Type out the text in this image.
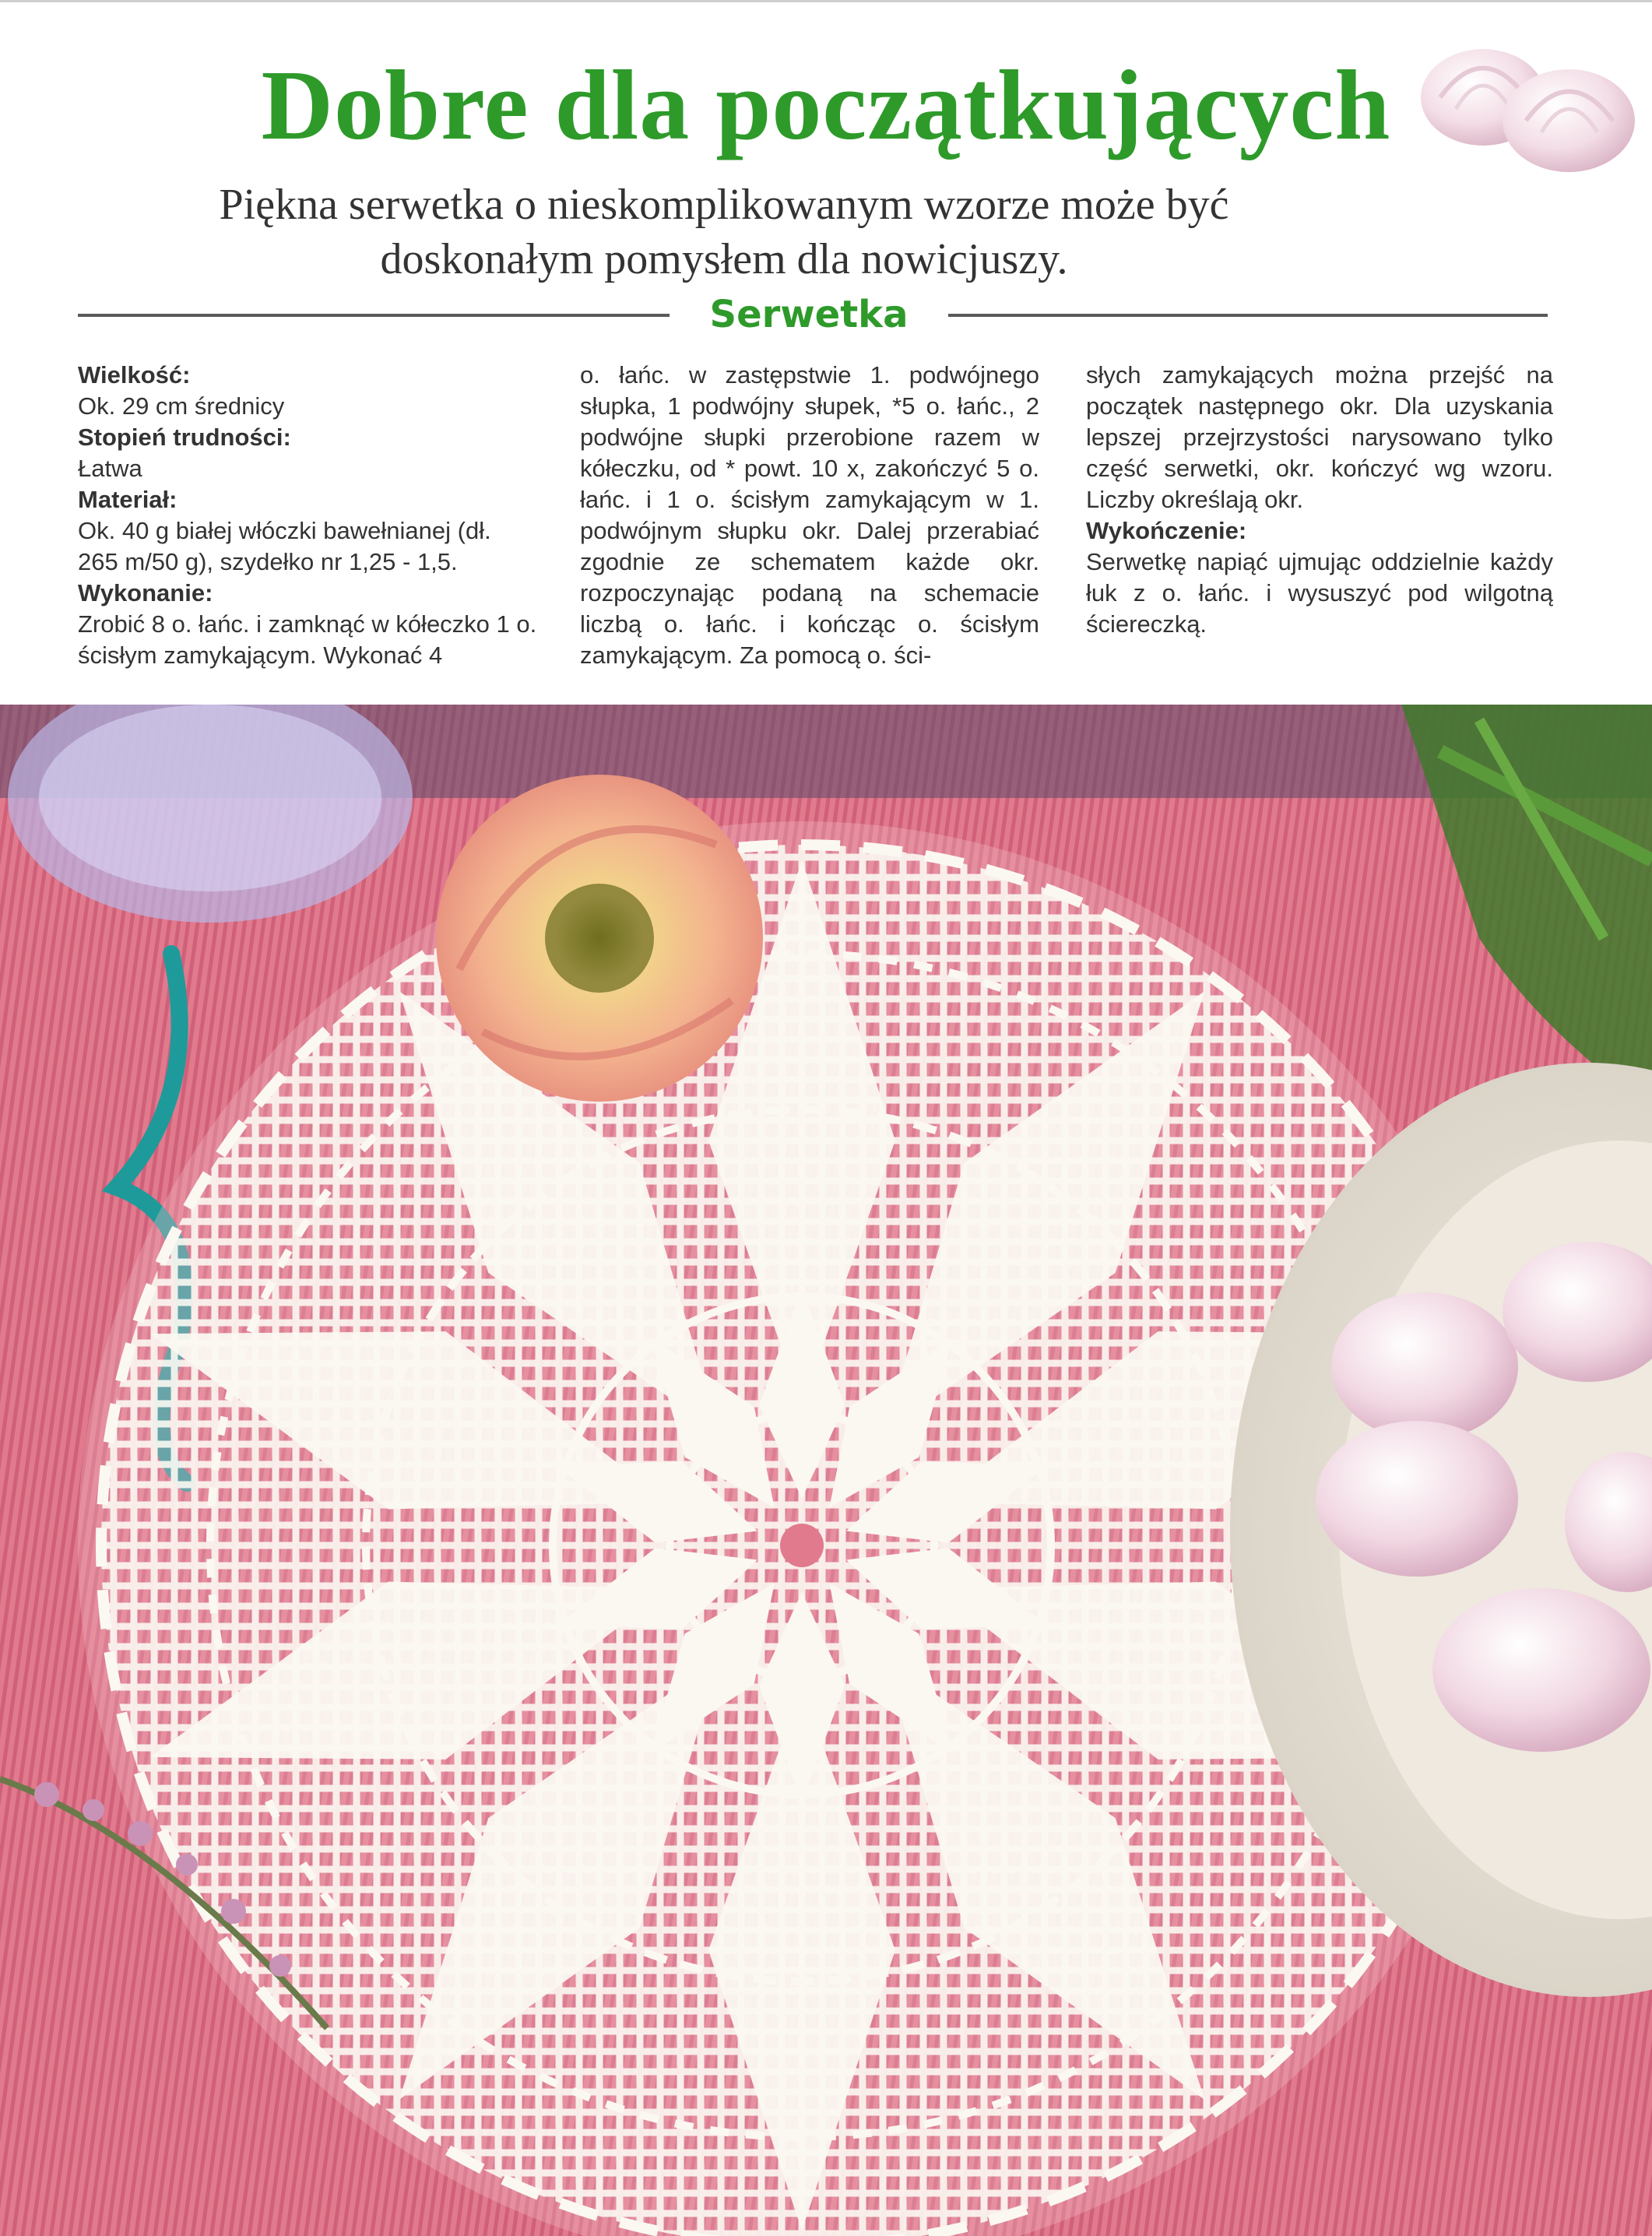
Dobre dla początkujących
Piękna serwetka o nieskomplikowanym wzorze może być doskonałym pomysłem dla nowicjuszy.
Serwetka
Wielkość:
Ok. 29 cm średnicy
Stopień trudności:
Łatwa
Materiał:
Ok. 40 g białej włóczki bawełnianej (dł. 265 m/50 g), szydełko nr 1,25 - 1,5.
Wykonanie:
Zrobić 8 o. łańc. i zamknąć w kółeczko 1 o. ścisłym zamykającym. Wykonać 4
o. łańc. w zastępstwie 1. podwójnego słupka, 1 podwójny słupek, *5 o. łańc., 2 podwójne słupki przerobione razem w kółeczku, od * powt. 10 x, zakończyć 5 o. łańc. i 1 o. ścisłym zamykającym w 1. podwójnym słupku okr. Dalej przerabiać zgodnie ze schematem każde okr. rozpoczynając podaną na schemacie liczbą o. łańc. i kończąc o. ścisłym zamykającym. Za pomocą o. ści-
słych zamykających można przejść na początek następnego okr. Dla uzyskania lepszej przejrzystości narysowano tylko część serwetki, okr. kończyć wg wzoru. Liczby określają okr.
Wykończenie:
Serwetkę napiąć ujmując oddzielnie każdy łuk z o. łańc. i wysuszyć pod wilgotną ściereczką.
